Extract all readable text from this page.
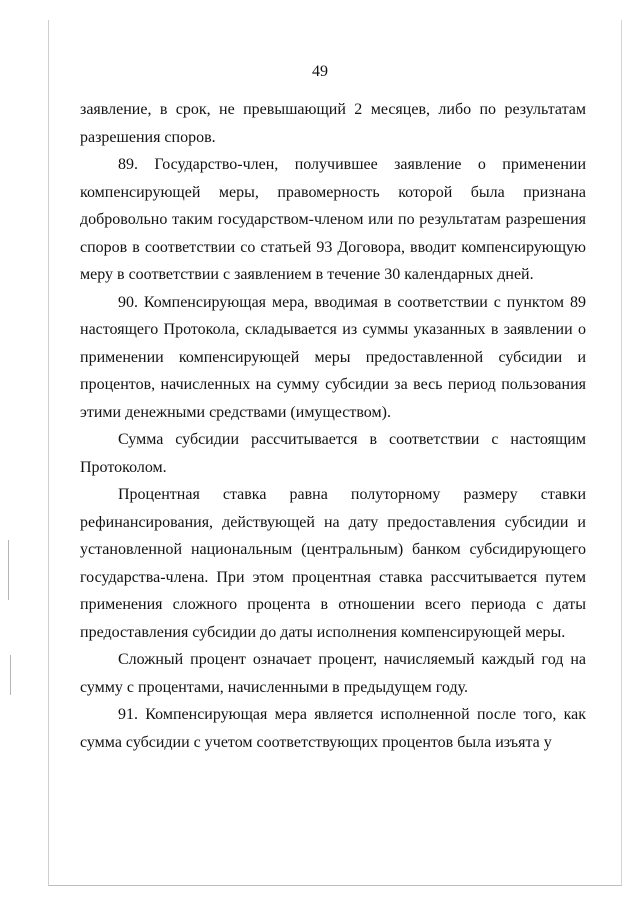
49

заявление, в срок, не превышающий 2 месяцев, либо по результатам разрешения споров.

89. Государство-член, получившее заявление о применении компенсирующей меры, правомерность которой была признана добровольно таким государством-членом или по результатам разрешения споров в соответствии со статьей 93 Договора, вводит компенсирующую меру в соответствии с заявлением в течение 30 календарных дней.

90. Компенсирующая мера, вводимая в соответствии с пунктом 89 настоящего Протокола, складывается из суммы указанных в заявлении о применении компенсирующей меры предоставленной субсидии и процентов, начисленных на сумму субсидии за весь период пользования этими денежными средствами (имуществом).

Сумма субсидии рассчитывается в соответствии с настоящим Протоколом.

Процентная ставка равна полуторному размеру ставки рефинансирования, действующей на дату предоставления субсидии и установленной национальным (центральным) банком субсидирующего государства-члена. При этом процентная ставка рассчитывается путем применения сложного процента в отношении всего периода с даты предоставления субсидии до даты исполнения компенсирующей меры.

Сложный процент означает процент, начисляемый каждый год на сумму с процентами, начисленными в предыдущем году.

91. Компенсирующая мера является исполненной после того, как сумма субсидии с учетом соответствующих процентов была изъята у
